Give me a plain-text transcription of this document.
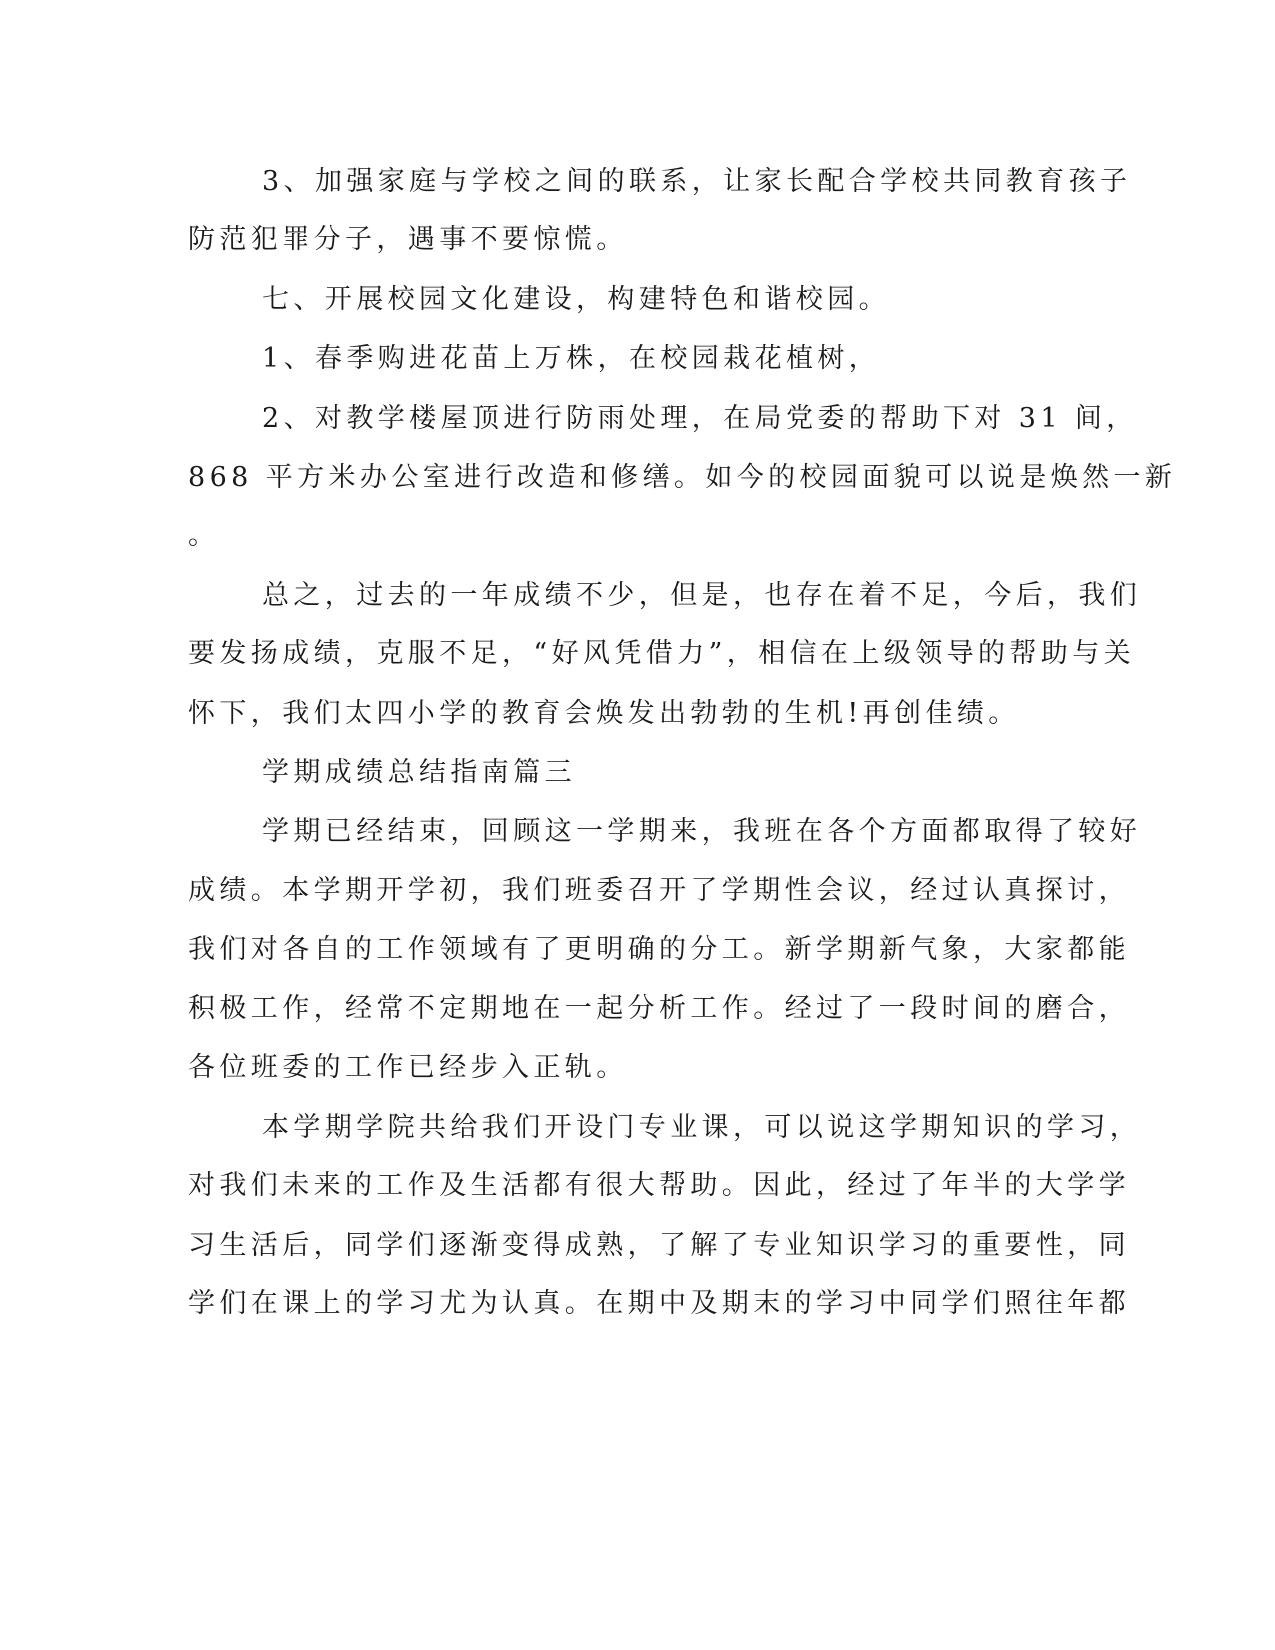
3、加强家庭与学校之间的联系，让家长配合学校共同教育孩子

防范犯罪分子，遇事不要惊慌。

七、开展校园文化建设，构建特色和谐校园。

1、春季购进花苗上万株，在校园栽花植树，

2、对教学楼屋顶进行防雨处理，在局党委的帮助下对 31 间，

868 平方米办公室进行改造和修缮。如今的校园面貌可以说是焕然一新

。

总之，过去的一年成绩不少，但是，也存在着不足，今后，我们

要发扬成绩，克服不足，“好风凭借力”，相信在上级领导的帮助与关

怀下，我们太四小学的教育会焕发出勃勃的生机!再创佳绩。

学期成绩总结指南篇三

学期已经结束，回顾这一学期来，我班在各个方面都取得了较好

成绩。本学期开学初，我们班委召开了学期性会议，经过认真探讨，

我们对各自的工作领域有了更明确的分工。新学期新气象，大家都能

积极工作，经常不定期地在一起分析工作。经过了一段时间的磨合，

各位班委的工作已经步入正轨。

本学期学院共给我们开设门专业课，可以说这学期知识的学习，

对我们未来的工作及生活都有很大帮助。因此，经过了年半的大学学

习生活后，同学们逐渐变得成熟，了解了专业知识学习的重要性，同

学们在课上的学习尤为认真。在期中及期末的学习中同学们照往年都
